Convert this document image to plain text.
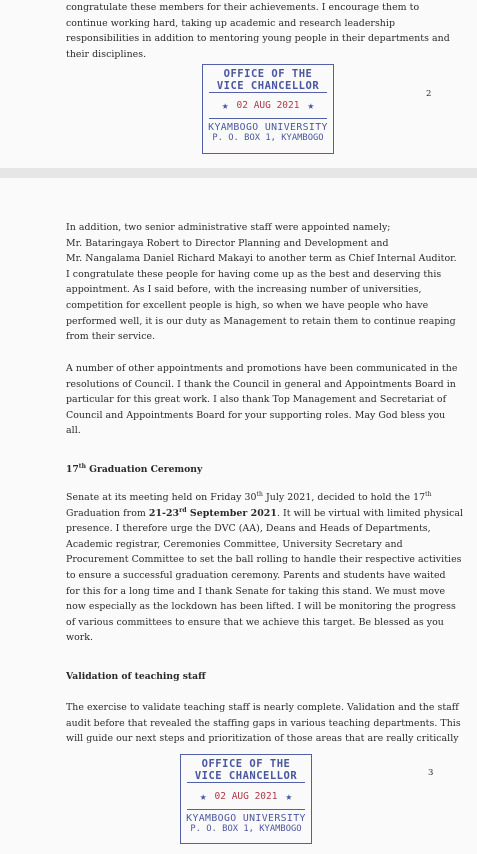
congratulate these members for their achievements. I encourage them to
continue working hard, taking up academic and research leadership
responsibilities in addition to mentoring young people in their departments and
their disciplines.
OFFICE OF THE
VICE CHANCELLOR
★ 02 AUG 2021 ★
KYAMBOGO UNIVERSITY
P. O. BOX 1, KYAMBOGO
2
In addition, two senior administrative staff were appointed namely;
Mr. Bataringaya Robert to Director Planning and Development and
Mr. Nangalama Daniel Richard Makayi to another term as Chief Internal Auditor.
I congratulate these people for having come up as the best and deserving this
appointment. As I said before, with the increasing number of universities,
competition for excellent people is high, so when we have people who have
performed well, it is our duty as Management to retain them to continue reaping
from their service.
A number of other appointments and promotions have been communicated in the
resolutions of Council. I thank the Council in general and Appointments Board in
particular for this great work. I also thank Top Management and Secretariat of
Council and Appointments Board for your supporting roles. May God bless you
all.
17th Graduation Ceremony
Senate at its meeting held on Friday 30th July 2021, decided to hold the 17th
Graduation from 21-23rd September 2021. It will be virtual with limited physical
presence. I therefore urge the DVC (AA), Deans and Heads of Departments,
Academic registrar, Ceremonies Committee, University Secretary and
Procurement Committee to set the ball rolling to handle their respective activities
to ensure a successful graduation ceremony. Parents and students have waited
for this for a long time and I thank Senate for taking this stand. We must move
now especially as the lockdown has been lifted. I will be monitoring the progress
of various committees to ensure that we achieve this target. Be blessed as you
work.
Validation of teaching staff
The exercise to validate teaching staff is nearly complete. Validation and the staff
audit before that revealed the staffing gaps in various teaching departments. This
will guide our next steps and prioritization of those areas that are really critically
OFFICE OF THE
VICE CHANCELLOR
★ 02 AUG 2021 ★
KYAMBOGO UNIVERSITY
P. O. BOX 1, KYAMBOGO
3
